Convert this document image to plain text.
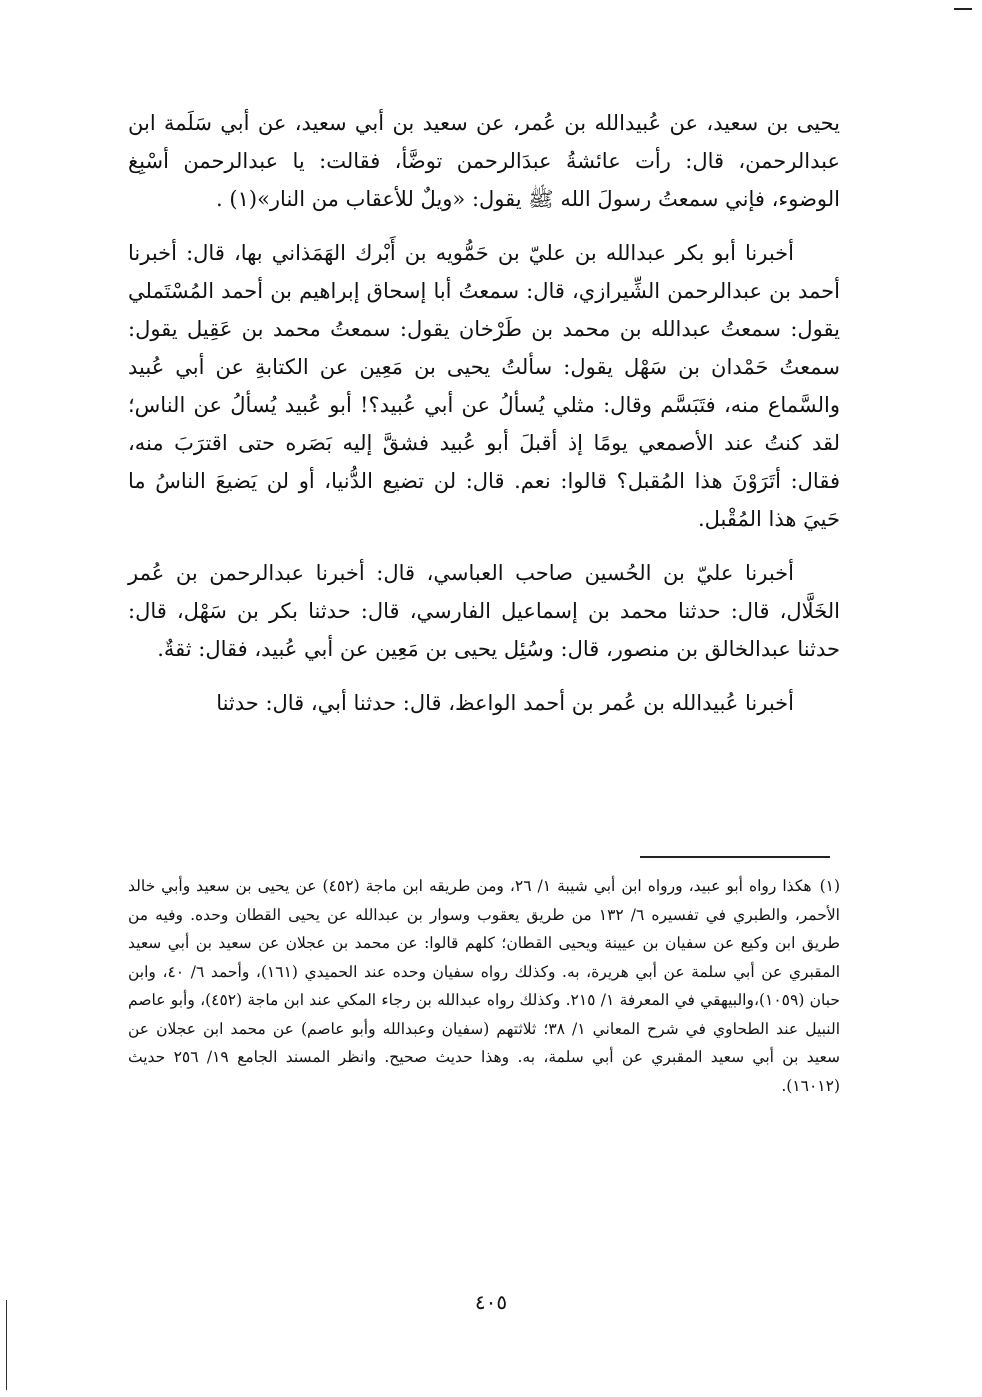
يحيى بن سعيد، عن عُبيدالله بن عُمر، عن سعيد بن أبي سعيد، عن أبي سَلَمة ابن عبدالرحمن، قال: رأت عائشةُ عبدَالرحمن توضَّأ، فقالت: يا عبدالرحمن أسْبِغ الوضوء، فإني سمعتُ رسولَ الله ﷺ يقول: «ويلٌ للأعقاب من النار»(١) .

أخبرنا أبو بكر عبدالله بن عليّ بن حَمُّويه بن أَبْرك الهَمَذاني بها، قال: أخبرنا أحمد بن عبدالرحمن الشِّيرازي، قال: سمعتُ أبا إسحاق إبراهيم بن أحمد المُسْتَملي يقول: سمعتُ عبدالله بن محمد بن طَرْخان يقول: سمعتُ محمد بن عَقِيل يقول: سمعتُ حَمْدان بن سَهْل يقول: سألتُ يحيى بن مَعِين عن الكتابةِ عن أبي عُبيد والسَّماع منه، فتَبَسَّم وقال: مثلي يُسألُ عن أبي عُبيد؟! أبو عُبيد يُسألُ عن الناس؛ لقد كنتُ عند الأصمعي يومًا إذ أقبلَ أبو عُبيد فشقَّ إليه بَصَره حتى اقترَبَ منه، فقال: أتَرَوْنَ هذا المُقبل؟ قالوا: نعم. قال: لن تضيع الدُّنيا، أو لن يَضيعَ الناسُ ما حَييَ هذا المُقْبل.

أخبرنا عليّ بن الحُسين صاحب العباسي، قال: أخبرنا عبدالرحمن بن عُمر الخَلَّال، قال: حدثنا محمد بن إسماعيل الفارسي، قال: حدثنا بكر بن سَهْل، قال: حدثنا عبدالخالق بن منصور، قال: وسُئِل يحيى بن مَعِين عن أبي عُبيد، فقال: ثقةٌ.

أخبرنا عُبيدالله بن عُمر بن أحمد الواعظ، قال: حدثنا أبي، قال: حدثنا

(١)هكذا رواه أبو عبيد، ورواه ابن أبي شيبة ١/ ٢٦، ومن طريقه ابن ماجة (٤٥٢) عن يحيى بن سعيد وأبي خالد الأحمر، والطبري في تفسيره ٦/ ١٣٢ من طريق يعقوب وسوار بن عبدالله عن يحيى القطان وحده. وفيه من طريق ابن وكيع عن سفيان بن عيينة ويحيى القطان؛ كلهم قالوا: عن محمد بن عجلان عن سعيد بن أبي سعيد المقبري عن أبي سلمة عن أبي هريرة، به. وكذلك رواه سفيان وحده عند الحميدي (١٦١)، وأحمد ٦/ ٤٠، وابن حبان (١٠٥٩)،والبيهقي في المعرفة ١/ ٢١٥. وكذلك رواه عبدالله بن رجاء المكي عند ابن ماجة (٤٥٢)، وأبو عاصم النبيل عند الطحاوي في شرح المعاني ١/ ٣٨؛ ثلاثتهم (سفيان وعبدالله وأبو عاصم) عن محمد ابن عجلان عن سعيد بن أبي سعيد المقبري عن أبي سلمة، به. وهذا حديث صحيح. وانظر المسند الجامع ١٩/ ٢٥٦ حديث (١٦٠١٢).

٤٠٥
